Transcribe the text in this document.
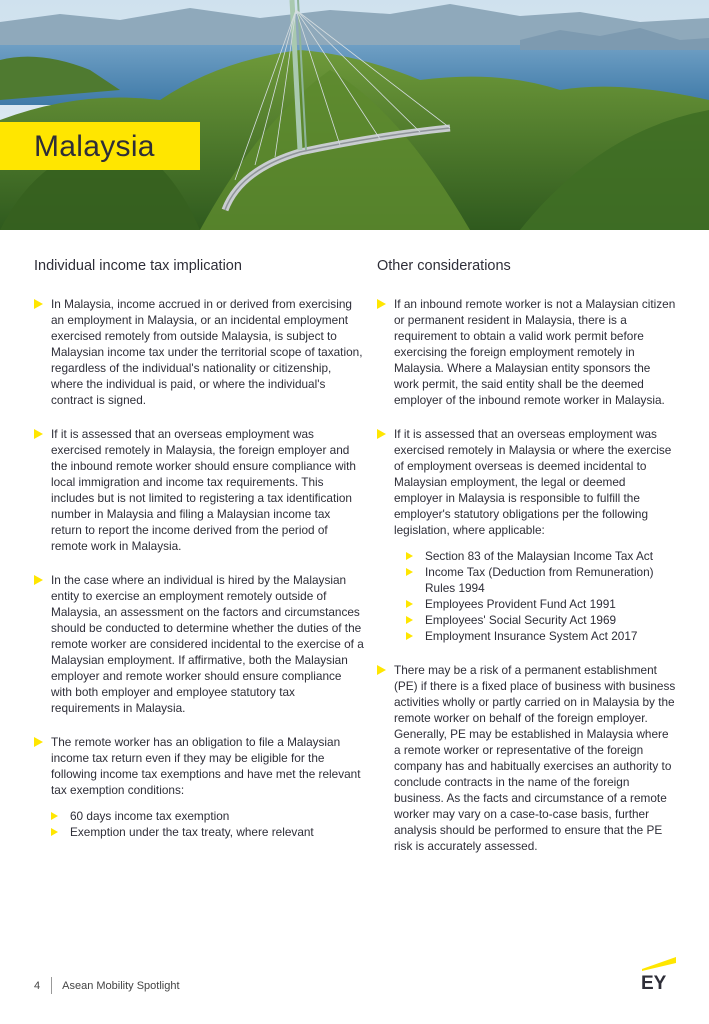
Malaysia
Individual income tax implication
In Malaysia, income accrued in or derived from exercising an employment in Malaysia, or an incidental employment exercised remotely from outside Malaysia, is subject to Malaysian income tax under the territorial scope of taxation, regardless of the individual's nationality or citizenship, where the individual is paid, or where the individual's contract is signed.
If it is assessed that an overseas employment was exercised remotely in Malaysia, the foreign employer and the inbound remote worker should ensure compliance with local immigration and income tax requirements. This includes but is not limited to registering a tax identification number in Malaysia and filing a Malaysian income tax return to report the income derived from the period of remote work in Malaysia.
In the case where an individual is hired by the Malaysian entity to exercise an employment remotely outside of Malaysia, an assessment on the factors and circumstances should be conducted to determine whether the duties of the remote worker are considered incidental to the exercise of a Malaysian employment. If affirmative, both the Malaysian employer and remote worker should ensure compliance with both employer and employee statutory tax requirements in Malaysia.
The remote worker has an obligation to file a Malaysian income tax return even if they may be eligible for the following income tax exemptions and have met the relevant tax exemption conditions:
60 days income tax exemption
Exemption under the tax treaty, where relevant
Other considerations
If an inbound remote worker is not a Malaysian citizen or permanent resident in Malaysia, there is a requirement to obtain a valid work permit before exercising the foreign employment remotely in Malaysia. Where a Malaysian entity sponsors the work permit, the said entity shall be the deemed employer of the inbound remote worker in Malaysia.
If it is assessed that an overseas employment was exercised remotely in Malaysia or where the exercise of employment overseas is deemed incidental to Malaysian employment, the legal or deemed employer in Malaysia is responsible to fulfill the employer's statutory obligations per the following legislation, where applicable:
Section 83 of the Malaysian Income Tax Act
Income Tax (Deduction from Remuneration) Rules 1994
Employees Provident Fund Act 1991
Employees' Social Security Act 1969
Employment Insurance System Act 2017
There may be a risk of a permanent establishment (PE) if there is a fixed place of business with business activities wholly or partly carried on in Malaysia by the remote worker on behalf of the foreign employer. Generally, PE may be established in Malaysia where a remote worker or representative of the foreign company has and habitually exercises an authority to conclude contracts in the name of the foreign business. As the facts and circumstance of a remote worker may vary on a case-to-case basis, further analysis should be performed to ensure that the PE risk is accurately assessed.
4 Asean Mobility Spotlight	EY
